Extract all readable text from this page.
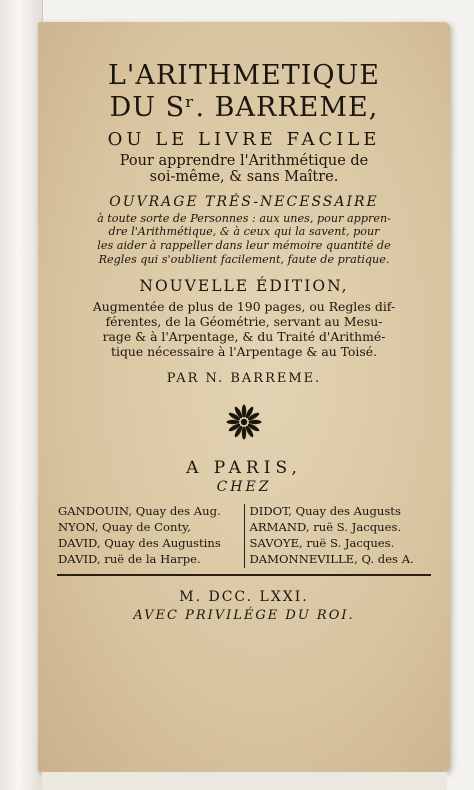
L'ARITHMETIQUE
DU Sʳ. BARREME,
OU LE LIVRE FACILE
Pour apprendre l'Arithmétique de
soi-même, & sans Maître.
OUVRAGE TRÉS-NECESSAIRE
à toute sorte de Personnes : aux unes, pour appren-
dre l'Arithmétique, & à ceux qui la savent, pour
les aider à rappeller dans leur mémoire quantité de
Regles qui s'oublient facilement, faute de pratique.
NOUVELLE ÉDITION,
Augmentée de plus de 190 pages, ou Regles dif-
férentes, de la Géométrie, servant au Mesu-
rage & à l'Arpentage, & du Traité d'Arithmé-
tique nécessaire à l'Arpentage & au Toisé.
PAR N. BARREME.
A PARIS,
CHEZ
GANDOUIN, Quay des Aug.
NYON, Quay de Conty,
DAVID, Quay des Augustins
DAVID, ruë de la Harpe.
DIDOT, Quay des Augusts
ARMAND, ruë S. Jacques.
SAVOYE, ruë S. Jacques.
DAMONNEVILLE, Q. des A.
M. DCC. LXXI.
AVEC PRIVILÉGE DU ROI.
